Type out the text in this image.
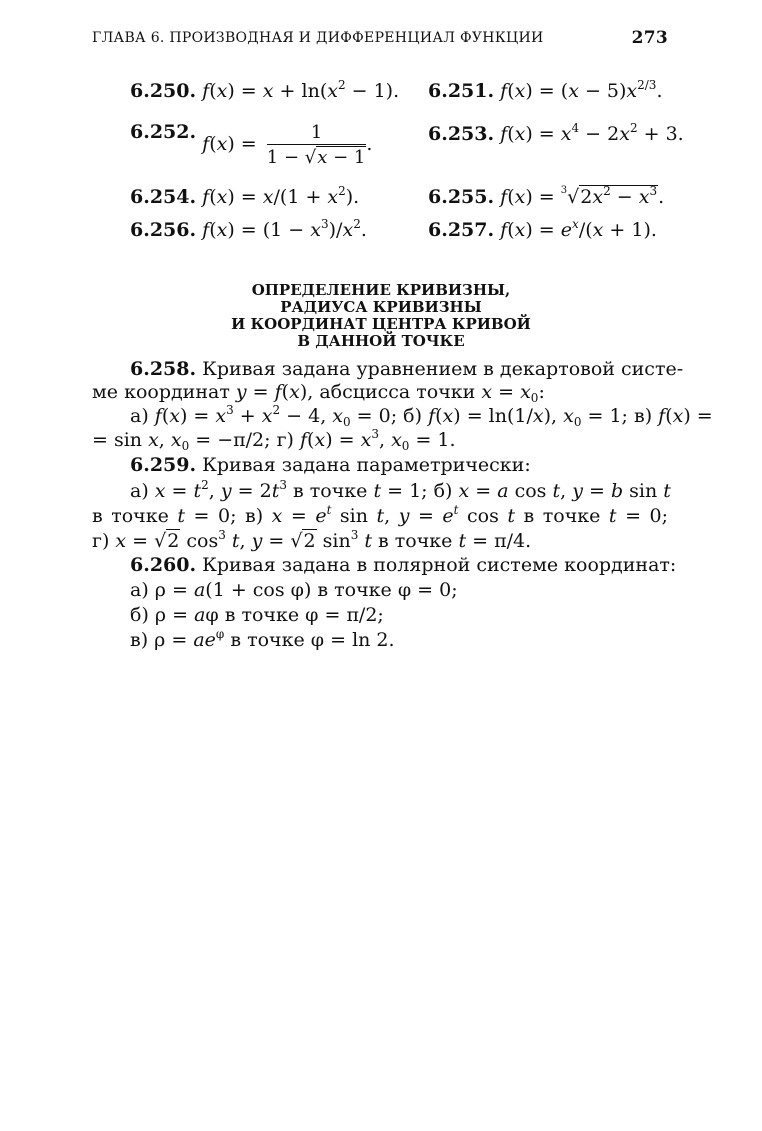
ГЛАВА 6. ПРОИЗВОДНАЯ И ДИФФЕРЕНЦИАЛ ФУНКЦИИ	273
6.250. $f(x) = x + \ln(x^2 - 1)$. 6.251. $f(x) = (x - 5)x^{2/3}$.
6.252. $f(x) = \frac{1}{1 - √x - 1}$ .	6.253. $f(x) = x^4 - 2x^2 + 3$.
6.254. $f(x) = x/(1 + x^2)$.	6.255. $f(x) = ^3√2x^2 - x^3$.
6.256. $f(x) = (1 - x^3)/x^2$.	6.257. $f(x) = e^x/(x + 1)$.
ОПРЕДЕЛЕНИЕ КРИВИЗНЫ,
РАДИУСА КРИВИЗНЫ
И КООРДИНАТ ЦЕНТРА КРИВОЙ
В ДАННОЙ ТОЧКЕ
6.258. Кривая задана уравнением в декартовой систе-
ме координат y = f(x), абсцисса точки $x = x_0$:
а) $f(x) = x^3 + x^2 - 4$, $x_0 = 0$; б) f(x) = ln(1/x), $x_0 = 1$; в) f(x) =
= sin x, $x_0 = -\pi/2$; г) $f(x) = x^3$, $x_0 = 1$.
6.259. Кривая задана параметрически:
а) $x = t^2$, $y = 2t^3$ в точке t = 1; б) x = a cos t, y = b sin t
в точке t = 0; в) $x = e^t$ sin t, $y = e^t$ cos t в точке t = 0;
г) x = √2 $\cos^3 t$, y = √2 $\sin^3 t$ в точке t = π/4.
6.260. Кривая задана в полярной системе координат:
а) ρ = a(1 + cos φ) в точке φ = 0;
б) ρ = aφ в точке φ = π/2;
в) $\rho = ae^\varphi$ в точке φ = ln 2.
